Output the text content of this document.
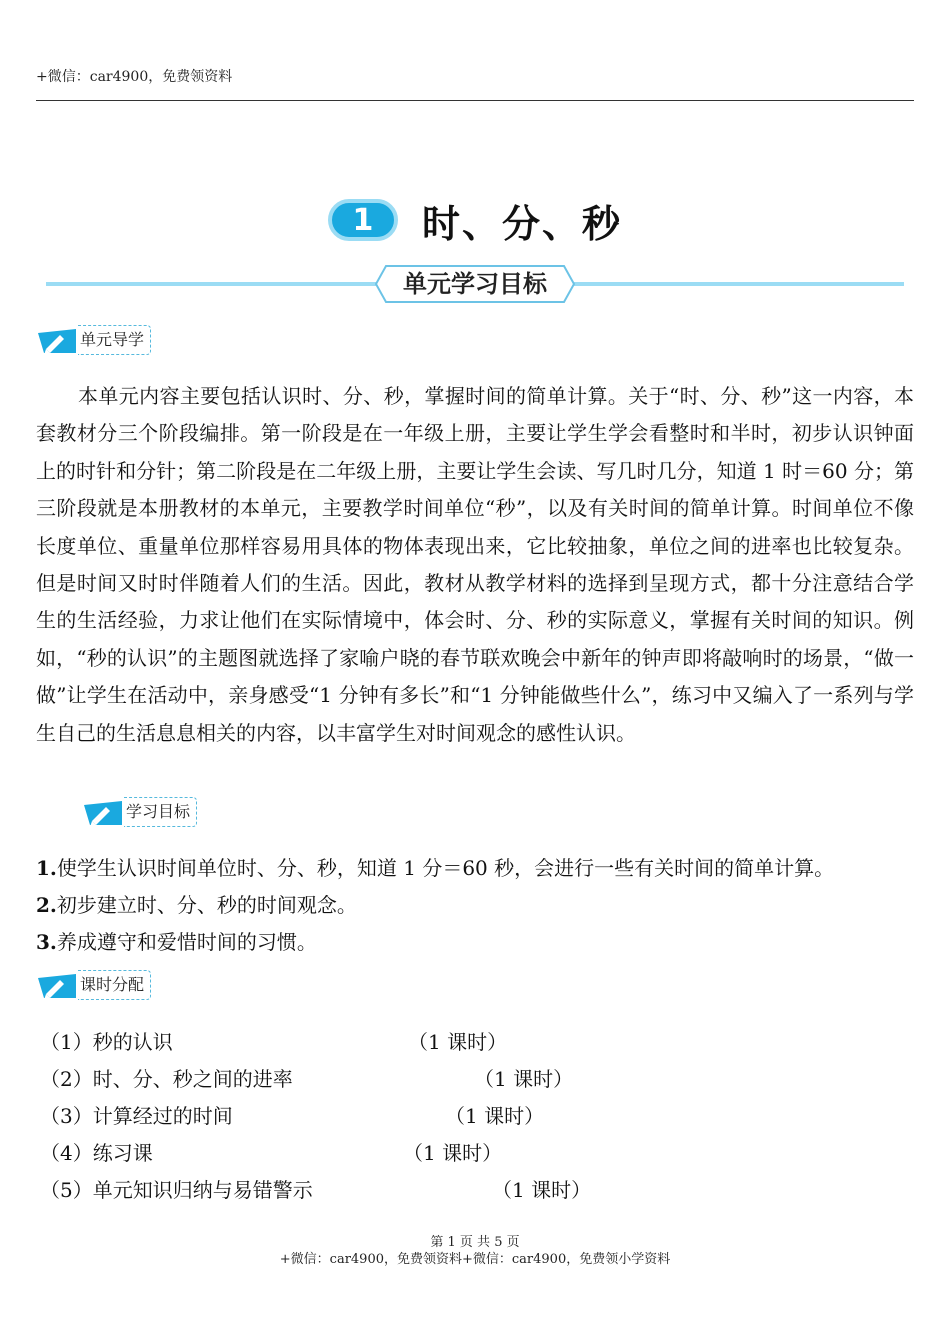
+微信：car4900，免费领资料
1	时、分、秒
单元学习目标
单元导学
本单元内容主要包括认识时、分、秒，掌握时间的简单计算。关于“时、分、秒”这一内容，本套教材分三个阶段编排。第一阶段是在一年级上册，主要让学生学会看整时和半时，初步认识钟面上的时针和分针；第二阶段是在二年级上册，主要让学生会读、写几时几分，知道 1 时＝60 分；第三阶段就是本册教材的本单元，主要教学时间单位“秒”，以及有关时间的简单计算。时间单位不像长度单位、重量单位那样容易用具体的物体表现出来，它比较抽象，单位之间的进率也比较复杂。但是时间又时时伴随着人们的生活。因此，教材从教学材料的选择到呈现方式，都十分注意结合学生的生活经验，力求让他们在实际情境中，体会时、分、秒的实际意义，掌握有关时间的知识。例如，“秒的认识”的主题图就选择了家喻户晓的春节联欢晚会中新年的钟声即将敲响时的场景，“做一做”让学生在活动中，亲身感受“1 分钟有多长”和“1 分钟能做些什么”，练习中又编入了一系列与学生自己的生活息息相关的内容，以丰富学生对时间观念的感性认识。
学习目标
1.使学生认识时间单位时、分、秒，知道 1 分＝60 秒，会进行一些有关时间的简单计算。
2.初步建立时、分、秒的时间观念。
3.养成遵守和爱惜时间的习惯。
课时分配
（1）秒的认识	（1 课时）
（2）时、分、秒之间的进率	（1 课时）
（3）计算经过的时间	（1 课时）
（4）练习课	（1 课时）
（5）单元知识归纳与易错警示	（1 课时）
第 1 页 共 5 页
+微信：car4900，免费领资料+微信：car4900，免费领小学资料
